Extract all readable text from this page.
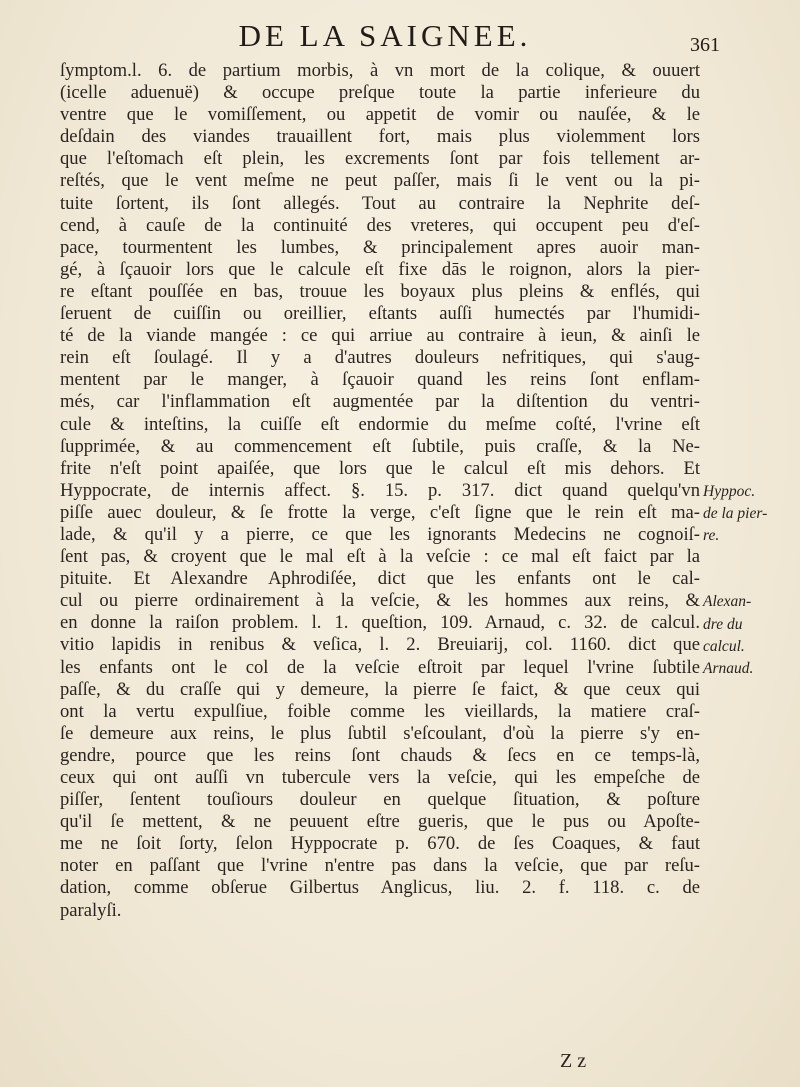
DE LA SAIGNEE.	361
ſymptom.l. 6. de partium morbis, à vn mort de la colique, & ouuert
(icelle aduenuë) & occupe preſque toute la partie inferieure du
ventre que le vomiſſement, ou appetit de vomir ou nauſée, & le
deſdain des viandes trauaillent fort, mais plus violemment lors
que l'eſtomach eſt plein, les excrements ſont par fois tellement ar-
reſtés, que le vent meſme ne peut paſſer, mais ſi le vent ou la pi-
tuite ſortent, ils ſont allegés. Tout au contraire la Nephrite deſ-
cend, à cauſe de la continuité des vreteres, qui occupent peu d'eſ-
pace, tourmentent les lumbes, & principalement apres auoir man-
gé, à ſçauoir lors que le calcule eſt fixe dās le roignon, alors la pier-
re eſtant pouſſée en bas, trouue les boyaux plus pleins & enflés, qui
ſeruent de cuiſſin ou oreillier, eſtants auſſi humectés par l'humidi-
té de la viande mangée : ce qui arriue au contraire à ieun, & ainſi le
rein eſt ſoulagé. Il y a d'autres douleurs nefritiques, qui s'aug-
mentent par le manger, à ſçauoir quand les reins ſont enflam-
més, car l'inflammation eſt augmentée par la diſtention du ventri-
cule & inteſtins, la cuiſſe eſt endormie du meſme coſté, l'vrine eſt
ſupprimée, & au commencement eſt ſubtile, puis craſſe, & la Ne-
frite n'eſt point apaiſée, que lors que le calcul eſt mis dehors. Et
Hyppocrate, de internis affect. §. 15. p. 317. dict quand quelqu'vn
piſſe auec douleur, & ſe frotte la verge, c'eſt ſigne que le rein eſt ma-
lade, & qu'il y a pierre, ce que les ignorants Medecins ne cognoiſ-
ſent pas, & croyent que le mal eſt à la veſcie : ce mal eſt faict par la
pituite. Et Alexandre Aphrodiſée, dict que les enfants ont le cal-
cul ou pierre ordinairement à la veſcie, & les hommes aux reins, &
en donne la raiſon problem. l. 1. queſtion, 109. Arnaud, c. 32. de calcul.
vitio lapidis in renibus & veſica, l. 2. Breuiarij, col. 1160. dict que
les enfants ont le col de la veſcie eſtroit par lequel l'vrine ſubtile
paſſe, & du craſſe qui y demeure, la pierre ſe faict, & que ceux qui
ont la vertu expulſiue, foible comme les vieillards, la matiere craſ-
ſe demeure aux reins, le plus ſubtil s'eſcoulant, d'où la pierre s'y en-
gendre, pource que les reins ſont chauds & ſecs en ce temps-là,
ceux qui ont auſſi vn tubercule vers la veſcie, qui les empeſche de
piſſer, ſentent touſiours douleur en quelque ſituation, & poſture
qu'il ſe mettent, & ne peuuent eſtre gueris, que le pus ou Apoſte-
me ne ſoit ſorty, ſelon Hyppocrate p. 670. de ſes Coaques, & faut
noter en paſſant que l'vrine n'entre pas dans la veſcie, que par reſu-
dation, comme obſerue Gilbertus Anglicus, liu. 2. f. 118. c. de
paralyſi.
Hyppoc.
de la pier-
re.
Alexan-
dre du
calcul.
Arnaud.
Z z
